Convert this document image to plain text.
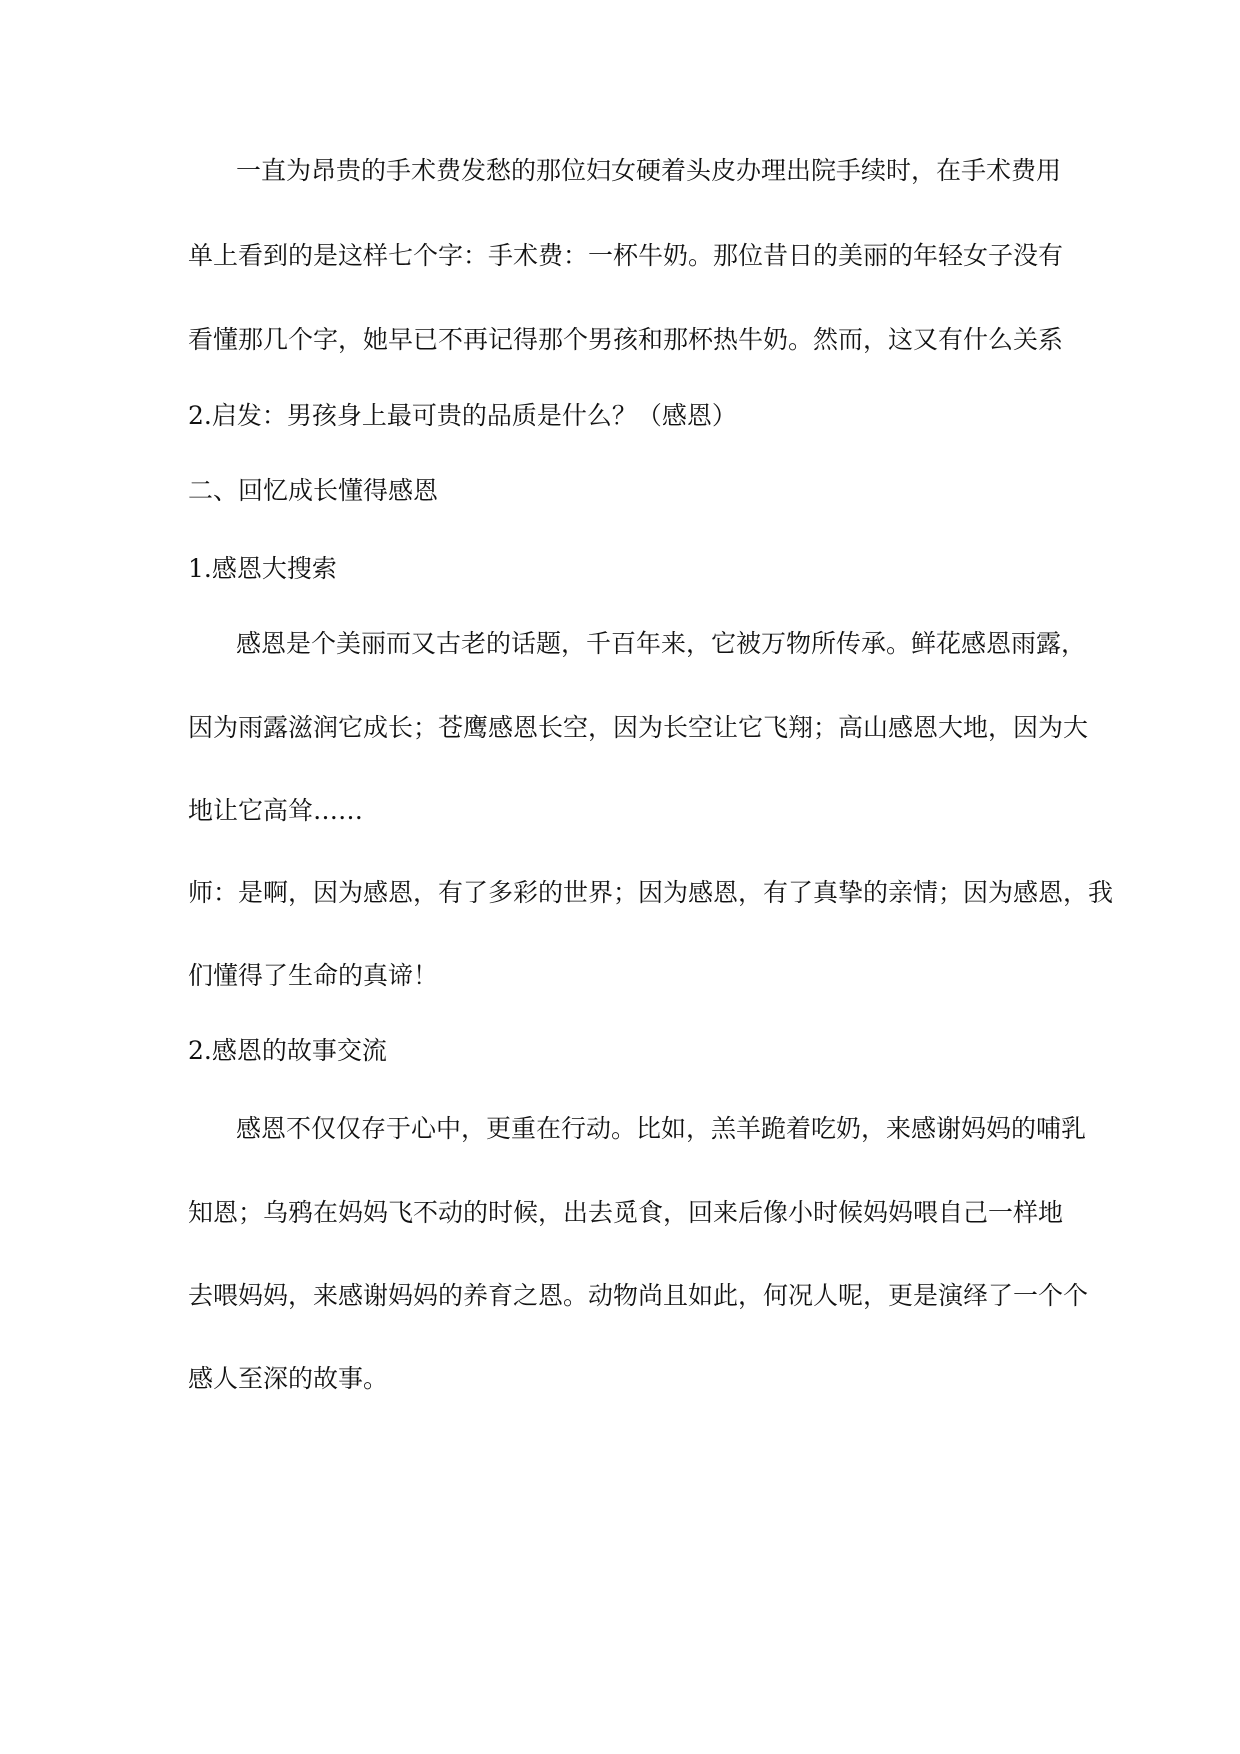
一直为昂贵的手术费发愁的那位妇女硬着头皮办理出院手续时，在手术费用
单上看到的是这样七个字：手术费：一杯牛奶。那位昔日的美丽的年轻女子没有
看懂那几个字，她早已不再记得那个男孩和那杯热牛奶。然而，这又有什么关系
2.启发：男孩身上最可贵的品质是什么？（感恩）
二、回忆成长懂得感恩
1.感恩大搜索
感恩是个美丽而又古老的话题，千百年来，它被万物所传承。鲜花感恩雨露，
因为雨露滋润它成长；苍鹰感恩长空，因为长空让它飞翔；高山感恩大地，因为大
地让它高耸……
师：是啊，因为感恩，有了多彩的世界；因为感恩，有了真挚的亲情；因为感恩，我
们懂得了生命的真谛！
2.感恩的故事交流
感恩不仅仅存于心中，更重在行动。比如，羔羊跪着吃奶，来感谢妈妈的哺乳
知恩；乌鸦在妈妈飞不动的时候，出去觅食，回来后像小时候妈妈喂自己一样地
去喂妈妈，来感谢妈妈的养育之恩。动物尚且如此，何况人呢，更是演绎了一个个
感人至深的故事。
